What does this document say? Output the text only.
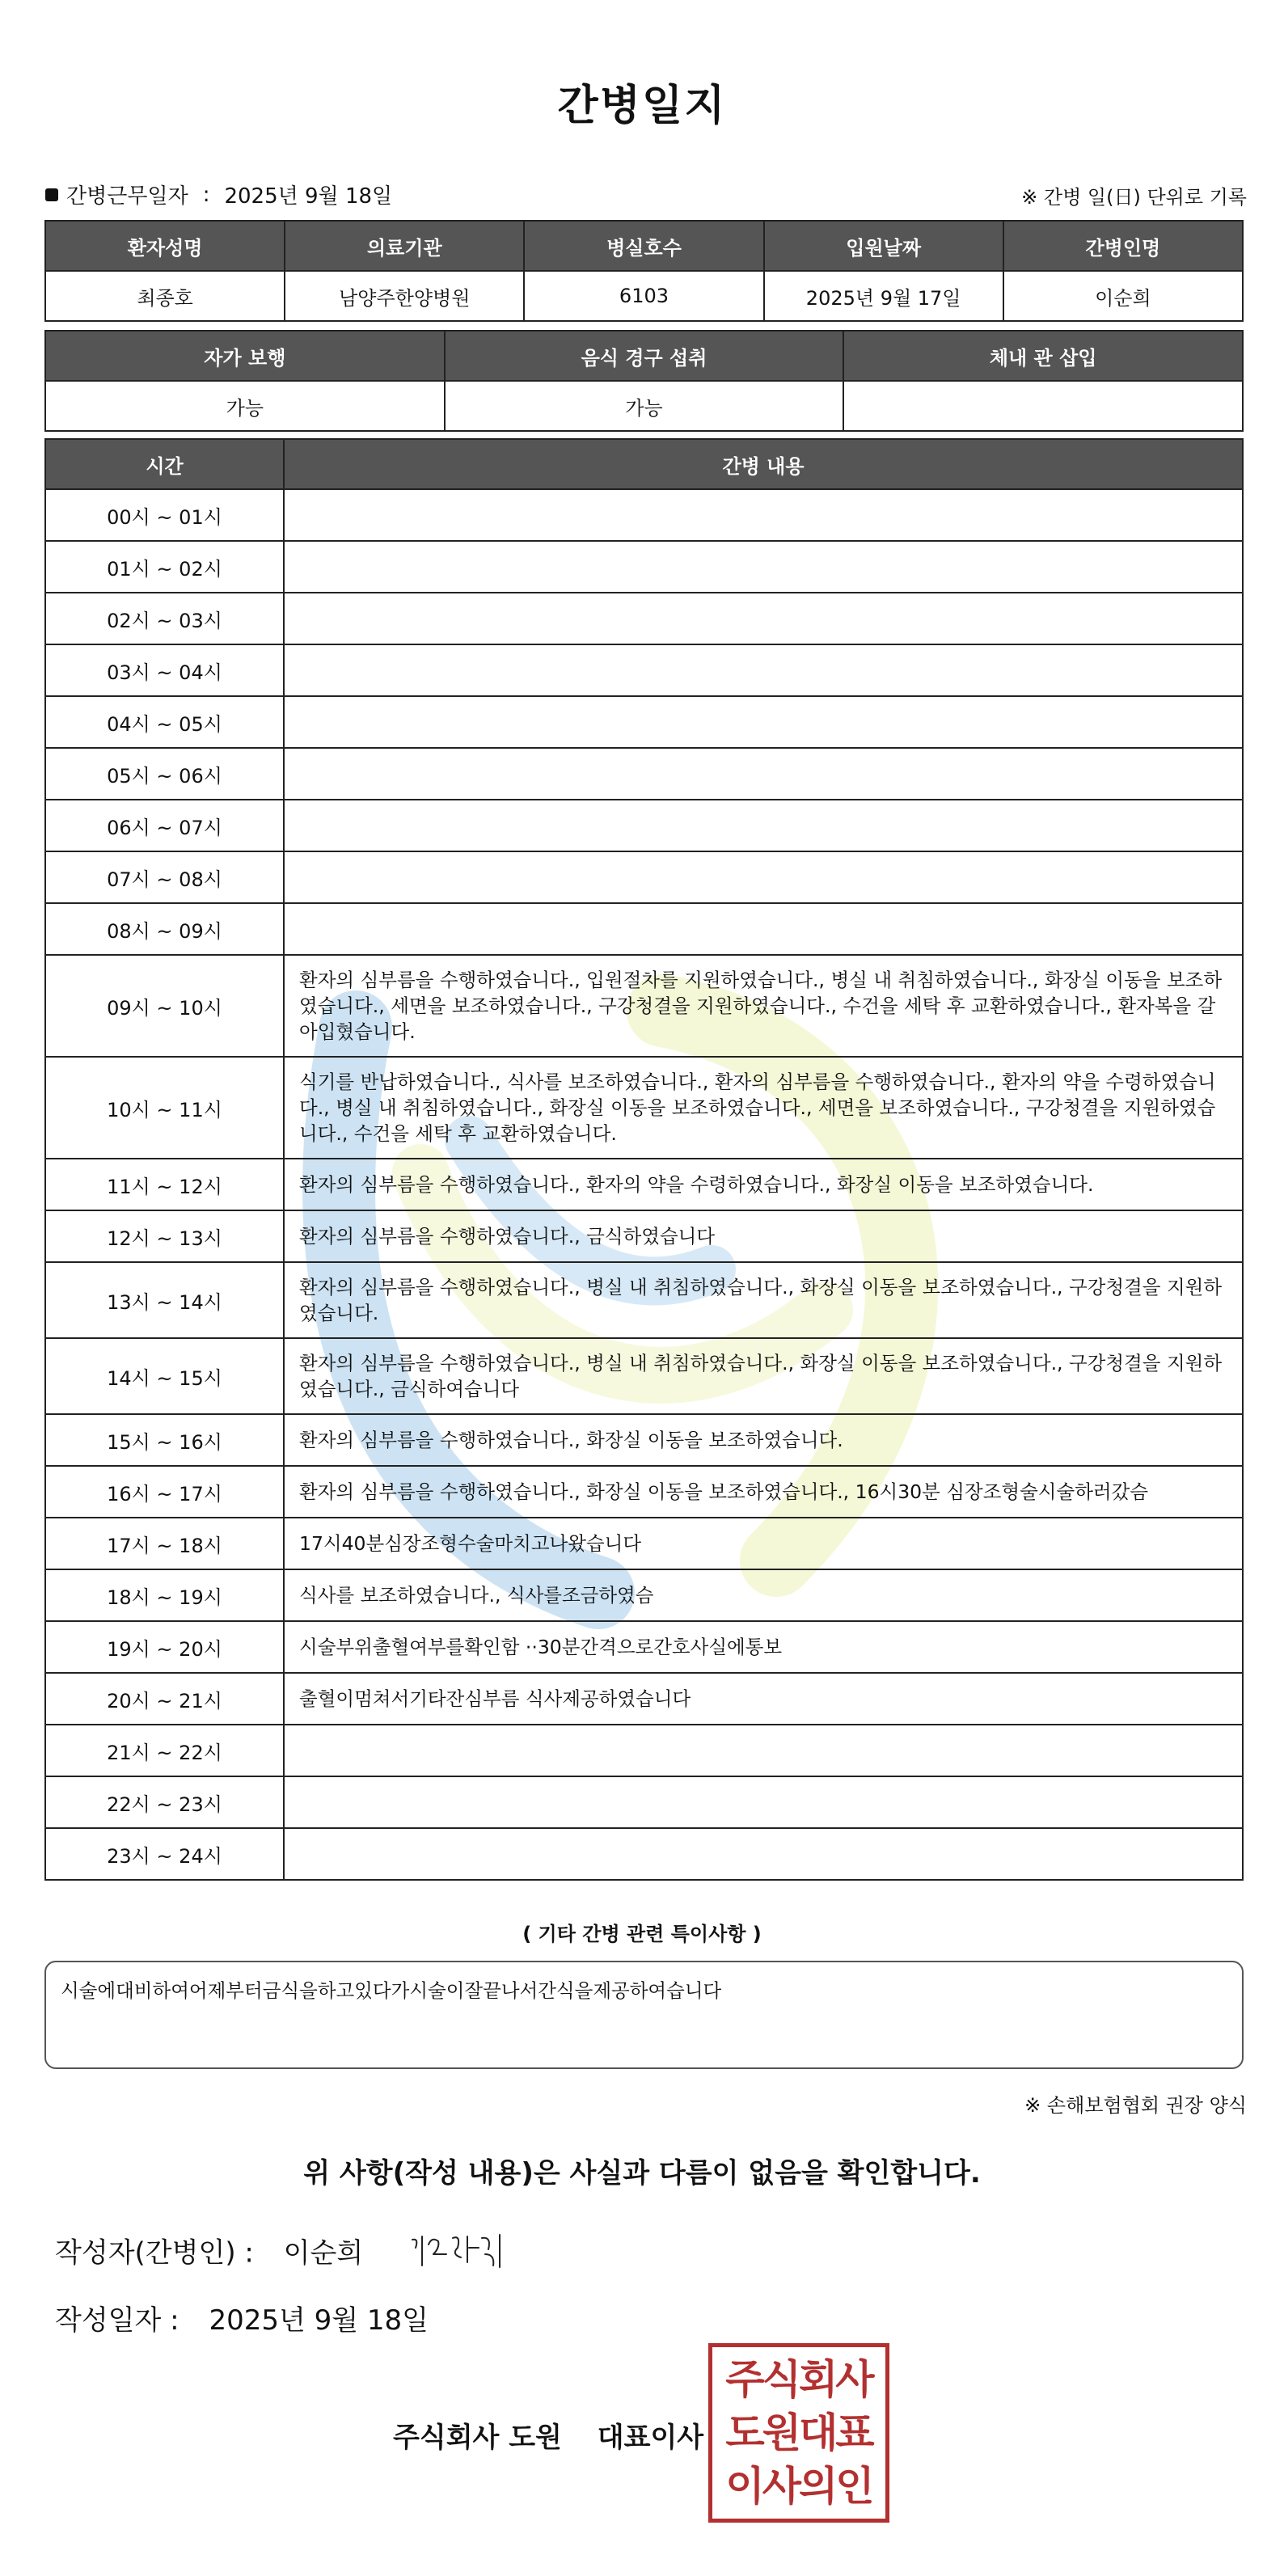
간병일지
간병근무일자 : 2025년 9월 18일	※ 간병 일(日) 단위로 기록
환자성명	의료기관	병실호수	입원날짜	간병인명
최종호	남양주한양병원	6103	2025년 9월 17일	이순희
자가 보행	음식 경구 섭취	체내 관 삽입
가능	가능	
시간	간병 내용
00시 ~ 01시	
01시 ~ 02시	
02시 ~ 03시	
03시 ~ 04시	
04시 ~ 05시	
05시 ~ 06시	
06시 ~ 07시	
07시 ~ 08시	
08시 ~ 09시	
09시 ~ 10시	환자의 심부름을 수행하였습니다., 입원절차를 지원하였습니다., 병실 내 취침하였습니다., 화장실 이동을 보조하였습니다., 세면을 보조하였습니다., 구강청결을 지원하였습니다., 수건을 세탁 후 교환하였습니다., 환자복을 갈아입혔습니다.
10시 ~ 11시	식기를 반납하였습니다., 식사를 보조하였습니다., 환자의 심부름을 수행하였습니다., 환자의 약을 수령하였습니다., 병실 내 취침하였습니다., 화장실 이동을 보조하였습니다., 세면을 보조하였습니다., 구강청결을 지원하였습니다., 수건을 세탁 후 교환하였습니다.
11시 ~ 12시	환자의 심부름을 수행하였습니다., 환자의 약을 수령하였습니다., 화장실 이동을 보조하였습니다.
12시 ~ 13시	환자의 심부름을 수행하였습니다., 금식하였습니다
13시 ~ 14시	환자의 심부름을 수행하였습니다., 병실 내 취침하였습니다., 화장실 이동을 보조하였습니다., 구강청결을 지원하였습니다.
14시 ~ 15시	환자의 심부름을 수행하였습니다., 병실 내 취침하였습니다., 화장실 이동을 보조하였습니다., 구강청결을 지원하였습니다., 금식하여습니다
15시 ~ 16시	환자의 심부름을 수행하였습니다., 화장실 이동을 보조하였습니다.
16시 ~ 17시	환자의 심부름을 수행하였습니다., 화장실 이동을 보조하였습니다., 16시30분 심장조형술시술하러갔슴
17시 ~ 18시	17시40분심장조형수술마치고나왔습니다
18시 ~ 19시	식사를 보조하였습니다., 식사를조금하였슴
19시 ~ 20시	시술부위출혈여부를확인함 ··30분간격으로간호사실에통보
20시 ~ 21시	출혈이멈쳐서기타잔심부름 식사제공하였습니다
21시 ~ 22시	
22시 ~ 23시	
23시 ~ 24시	
( 기타 간병 관련 특이사항 )
시술에대비하여어제부터금식을하고있다가시술이잘끝나서간식을제공하여습니다
※ 손해보험협회 권장 양식
위 사항(작성 내용)은 사실과 다름이 없음을 확인합니다.
작성자(간병인) : 이순희
작성일자 : 2025년 9월 18일
주식회사 도원 대표이사
주식회사
도원대표
이사의인
